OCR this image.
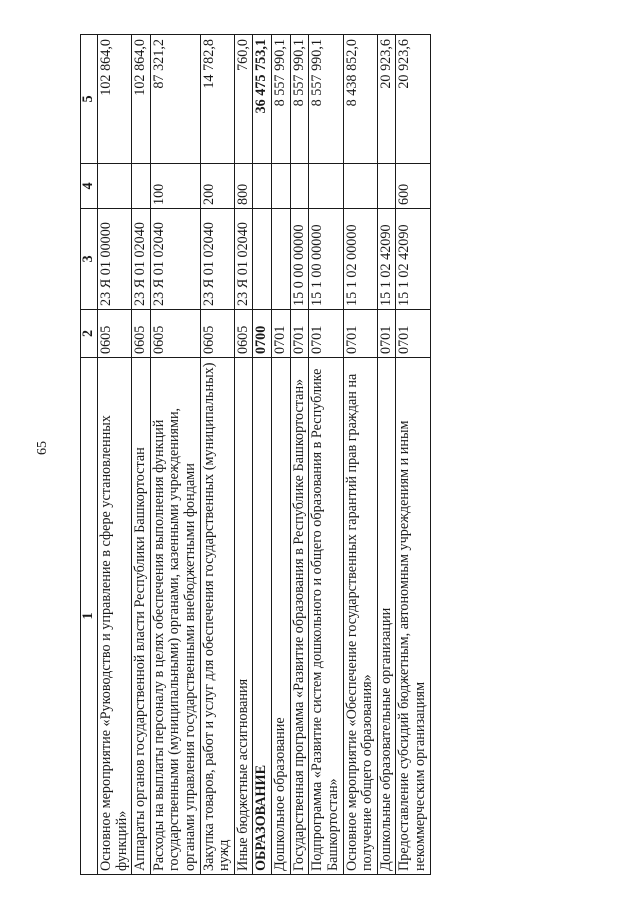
65
1	2	3	4	5
Основное мероприятие «Руководство и управление в сфере установленных функций»	0605	23 Я 01 00000		102 864,0
Аппараты органов государственной власти Республики Башкортостан	0605	23 Я 01 02040		102 864,0
Расходы на выплаты персоналу в целях обеспечения выполнения функций государственными (муниципальными) органами, казенными учреждениями, органами управления государственными внебюджетными фондами	0605	23 Я 01 02040	100	87 321,2
Закупка товаров, работ и услуг для обеспечения государственных (муниципальных) нужд	0605	23 Я 01 02040	200	14 782,8
Иные бюджетные ассигнования	0605	23 Я 01 02040	800	760,0
ОБРАЗОВАНИЕ	0700			36 475 753,1
Дошкольное образование	0701			8 557 990,1
Государственная программа «Развитие образования в Республике Башкортостан»	0701	15 0 00 00000		8 557 990,1
Подпрограмма «Развитие систем дошкольного и общего образования в Республике Башкортостан»	0701	15 1 00 00000		8 557 990,1
Основное мероприятие «Обеспечение государственных гарантий прав граждан на получение общего образования»	0701	15 1 02 00000		8 438 852,0
Дошкольные образовательные организации	0701	15 1 02 42090		20 923,6
Предоставление субсидий бюджетным, автономным учреждениям и иным некоммерческим организациям	0701	15 1 02 42090	600	20 923,6
